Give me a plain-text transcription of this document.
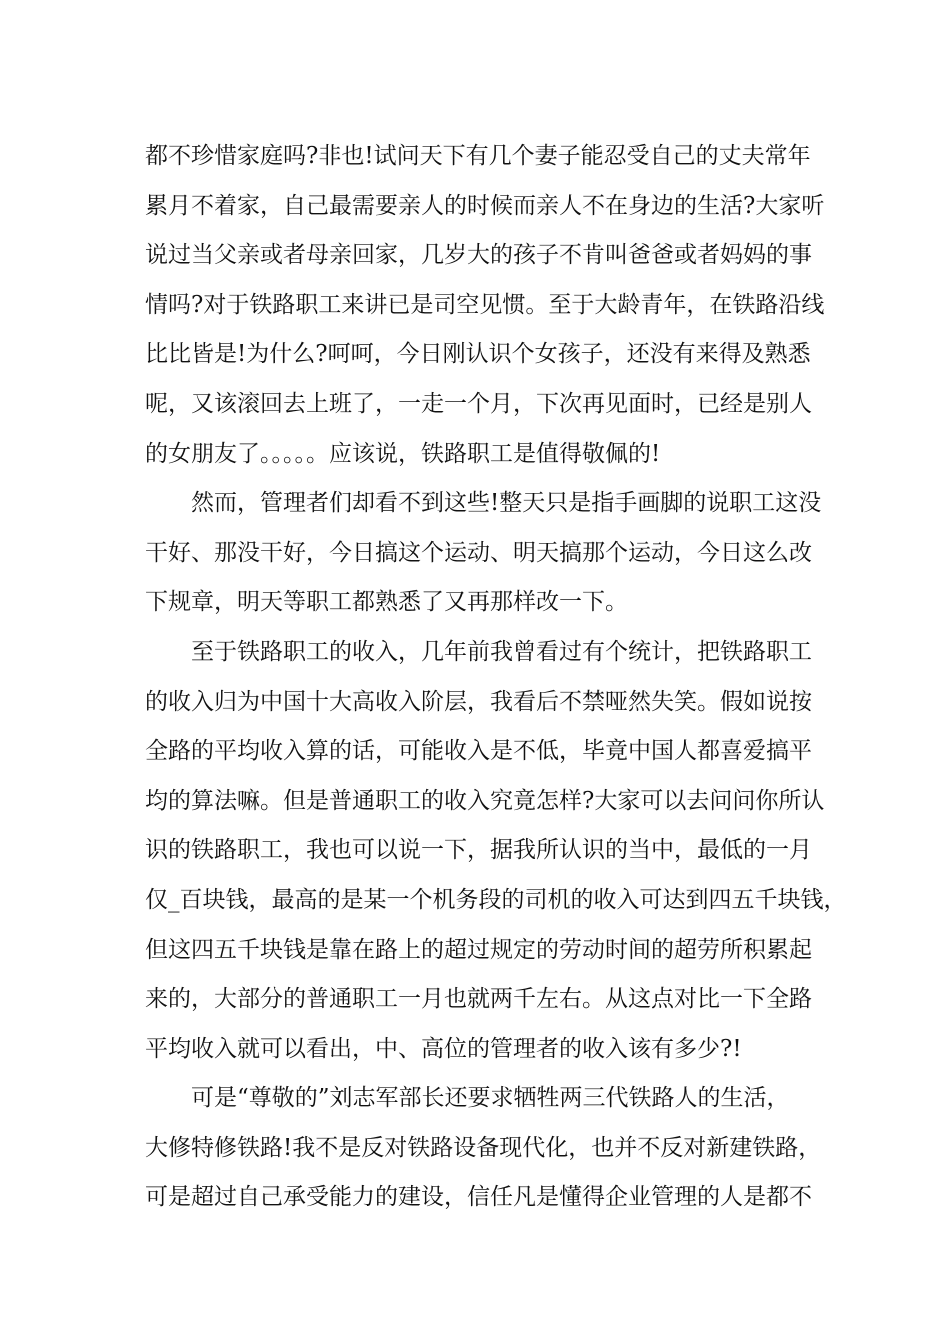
都不珍惜家庭吗?非也!试问天下有几个妻子能忍受自己的丈夫常年
累月不着家，自己最需要亲人的时候而亲人不在身边的生活?大家听
说过当父亲或者母亲回家，几岁大的孩子不肯叫爸爸或者妈妈的事
情吗?对于铁路职工来讲已是司空见惯。至于大龄青年，在铁路沿线
比比皆是!为什么?呵呵，今日刚认识个女孩子，还没有来得及熟悉
呢，又该滚回去上班了，一走一个月，下次再见面时，已经是别人
的女朋友了。。。。。应该说，铁路职工是值得敬佩的!
然而，管理者们却看不到这些!整天只是指手画脚的说职工这没
干好、那没干好，今日搞这个运动、明天搞那个运动，今日这么改
下规章，明天等职工都熟悉了又再那样改一下。
至于铁路职工的收入，几年前我曾看过有个统计，把铁路职工
的收入归为中国十大高收入阶层，我看后不禁哑然失笑。假如说按
全路的平均收入算的话，可能收入是不低，毕竟中国人都喜爱搞平
均的算法嘛。但是普通职工的收入究竟怎样?大家可以去问问你所认
识的铁路职工，我也可以说一下，据我所认识的当中，最低的一月
仅_百块钱，最高的是某一个机务段的司机的收入可达到四五千块钱，
但这四五千块钱是靠在路上的超过规定的劳动时间的超劳所积累起
来的，大部分的普通职工一月也就两千左右。从这点对比一下全路
平均收入就可以看出，中、高位的管理者的收入该有多少?!
可是“尊敬的”刘志军部长还要求牺牲两三代铁路人的生活，
大修特修铁路!我不是反对铁路设备现代化，也并不反对新建铁路，
可是超过自己承受能力的建设，信任凡是懂得企业管理的人是都不
